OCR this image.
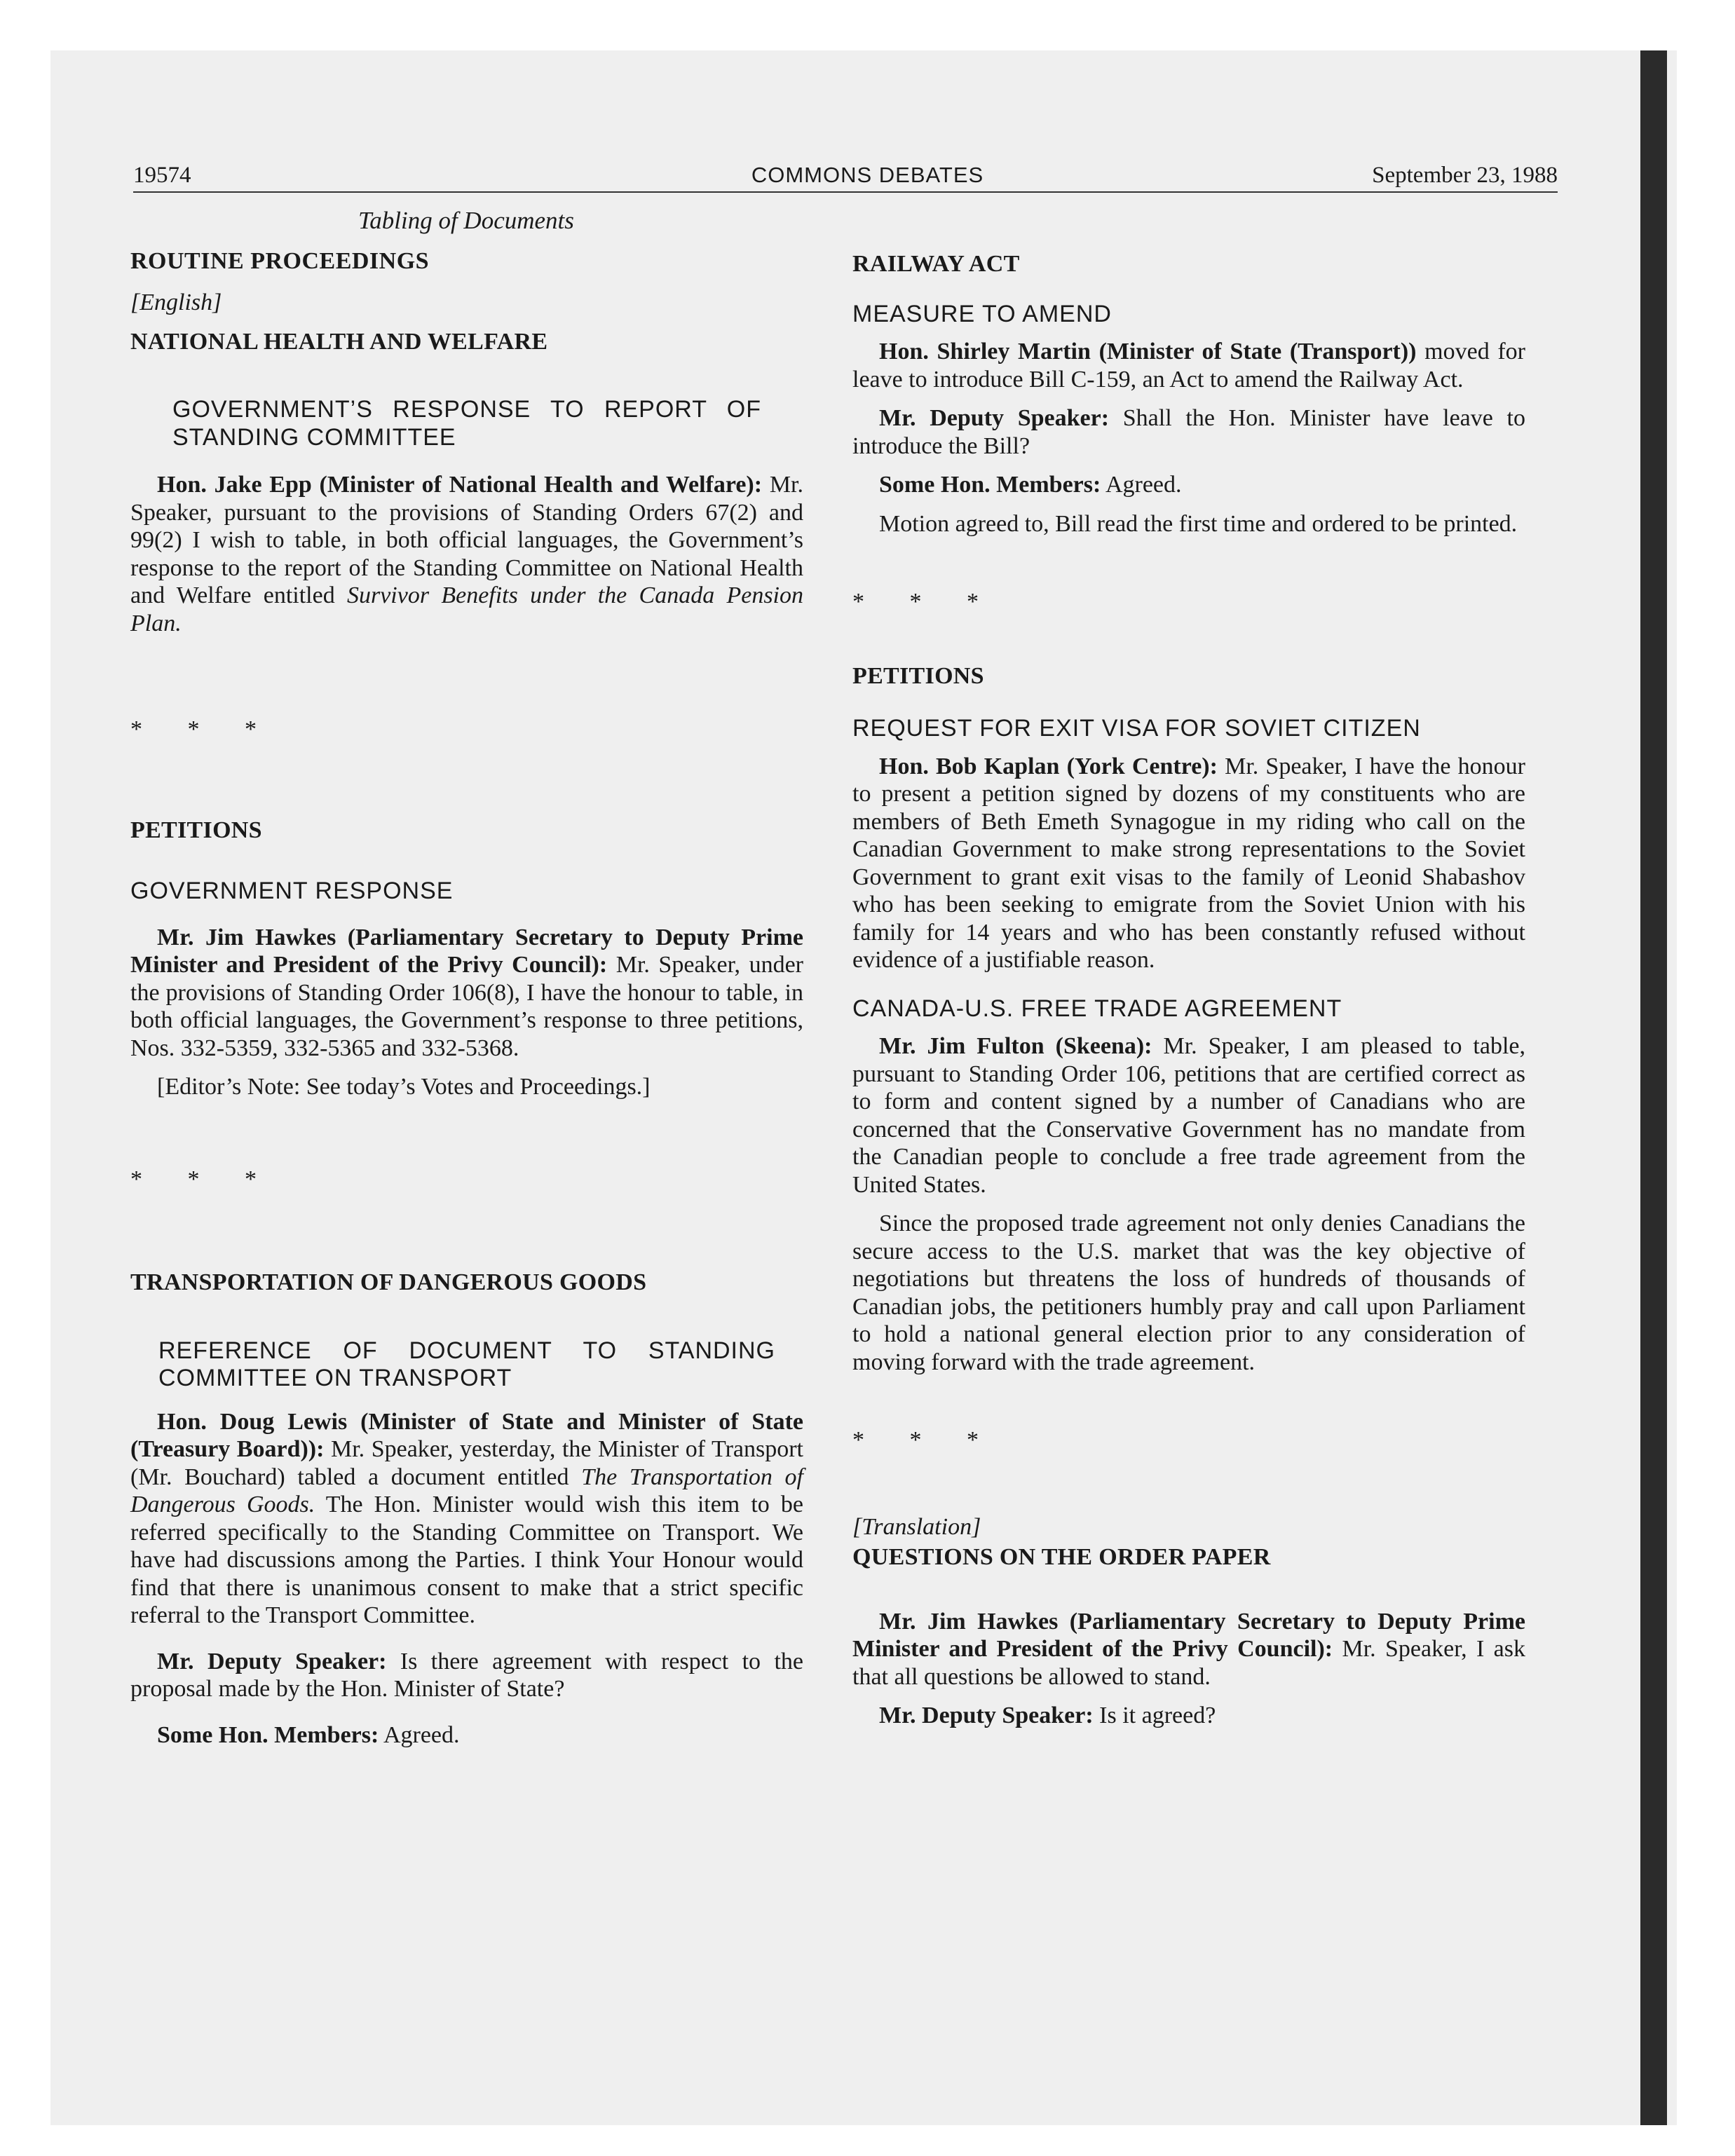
19574	COMMONS DEBATES	September 23, 1988

Tabling of Documents

ROUTINE PROCEEDINGS

[English]

NATIONAL HEALTH AND WELFARE

GOVERNMENT’S RESPONSE TO REPORT OF STANDING COMMITTEE

Hon. Jake Epp (Minister of National Health and Welfare): Mr. Speaker, pursuant to the provisions of Standing Orders 67(2) and 99(2) I wish to table, in both official languages, the Government’s response to the report of the Standing Committee on National Health and Welfare entitled Survivor Benefits under the Canada Pension Plan.

* * *

PETITIONS

GOVERNMENT RESPONSE

Mr. Jim Hawkes (Parliamentary Secretary to Deputy Prime Minister and President of the Privy Council): Mr. Speaker, under the provisions of Standing Order 106(8), I have the honour to table, in both official languages, the Government’s response to three petitions, Nos. 332-5359, 332-5365 and 332-5368.

[Editor’s Note: See today’s Votes and Proceedings.]

* * *

TRANSPORTATION OF DANGEROUS GOODS

REFERENCE OF DOCUMENT TO STANDING COMMITTEE ON TRANSPORT

Hon. Doug Lewis (Minister of State and Minister of State (Treasury Board)): Mr. Speaker, yesterday, the Minister of Transport (Mr. Bouchard) tabled a document entitled The Transportation of Dangerous Goods. The Hon. Minister would wish this item to be referred specifically to the Standing Committee on Transport. We have had discussions among the Parties. I think Your Honour would find that there is unanimous consent to make that a strict specific referral to the Transport Committee.

Mr. Deputy Speaker: Is there agreement with respect to the proposal made by the Hon. Minister of State?

Some Hon. Members: Agreed.

RAILWAY ACT

MEASURE TO AMEND

Hon. Shirley Martin (Minister of State (Transport)) moved for leave to introduce Bill C-159, an Act to amend the Railway Act.

Mr. Deputy Speaker: Shall the Hon. Minister have leave to introduce the Bill?

Some Hon. Members: Agreed.

Motion agreed to, Bill read the first time and ordered to be printed.

* * *

PETITIONS

REQUEST FOR EXIT VISA FOR SOVIET CITIZEN

Hon. Bob Kaplan (York Centre): Mr. Speaker, I have the honour to present a petition signed by dozens of my constituents who are members of Beth Emeth Synagogue in my riding who call on the Canadian Government to make strong representations to the Soviet Government to grant exit visas to the family of Leonid Shabashov who has been seeking to emigrate from the Soviet Union with his family for 14 years and who has been constantly refused without evidence of a justifiable reason.

CANADA-U.S. FREE TRADE AGREEMENT

Mr. Jim Fulton (Skeena): Mr. Speaker, I am pleased to table, pursuant to Standing Order 106, petitions that are certified correct as to form and content signed by a number of Canadians who are concerned that the Conservative Government has no mandate from the Canadian people to conclude a free trade agreement from the United States.

Since the proposed trade agreement not only denies Canadians the secure access to the U.S. market that was the key objective of negotiations but threatens the loss of hundreds of thousands of Canadian jobs, the petitioners humbly pray and call upon Parliament to hold a national general election prior to any consideration of moving forward with the trade agreement.

* * *

[Translation]

QUESTIONS ON THE ORDER PAPER

Mr. Jim Hawkes (Parliamentary Secretary to Deputy Prime Minister and President of the Privy Council): Mr. Speaker, I ask that all questions be allowed to stand.

Mr. Deputy Speaker: Is it agreed?
